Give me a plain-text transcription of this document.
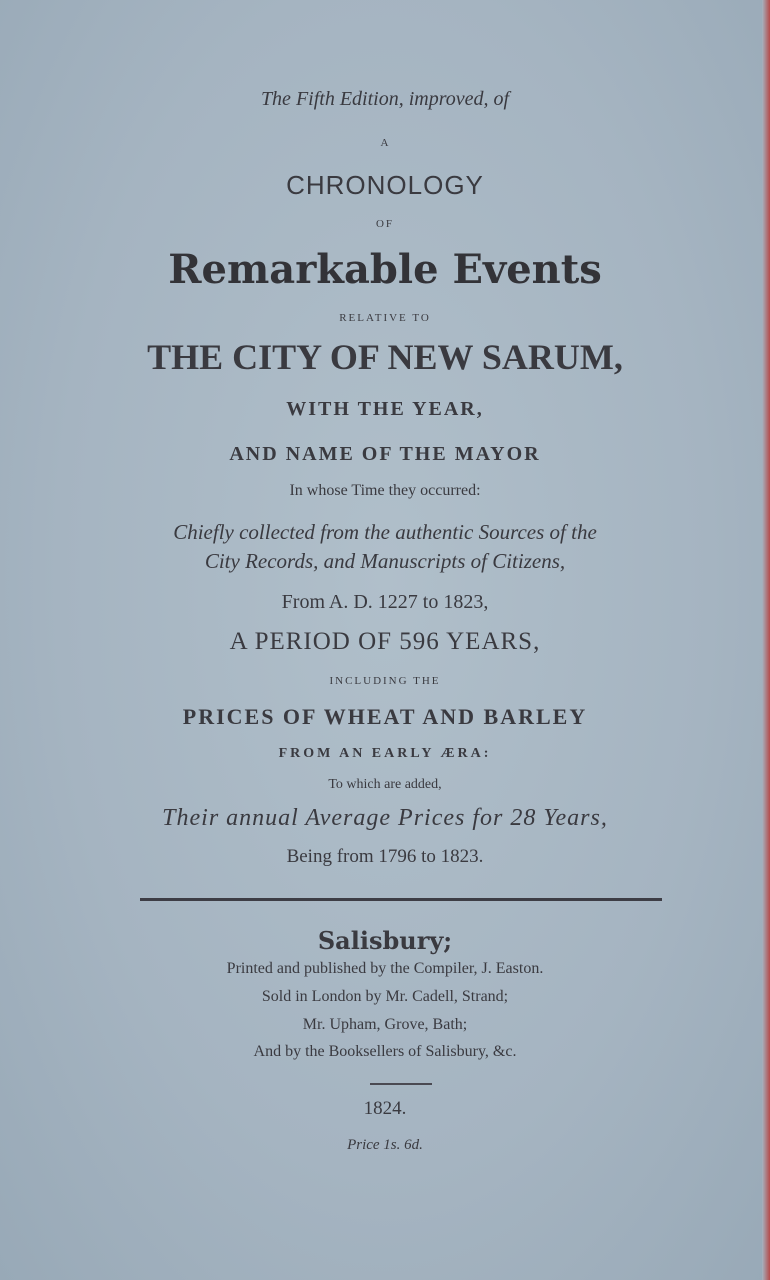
The Fifth Edition, improved, of
A
CHRONOLOGY
OF
Remarkable Events
RELATIVE TO
THE CITY OF NEW SARUM,
WITH THE YEAR,
AND NAME OF THE MAYOR
In whose Time they occurred:
Chiefly collected from the authentic Sources of the
City Records, and Manuscripts of Citizens,
From A. D. 1227 to 1823,
A PERIOD OF 596 YEARS,
INCLUDING THE
PRICES OF WHEAT AND BARLEY
FROM AN EARLY ÆRA:
To which are added,
Their annual Average Prices for 28 Years,
Being from 1796 to 1823.
Salisbury;
Printed and published by the Compiler, J. Easton.
Sold in London by Mr. Cadell, Strand;
Mr. Upham, Grove, Bath;
And by the Booksellers of Salisbury, &c.
1824.
Price 1s. 6d.
